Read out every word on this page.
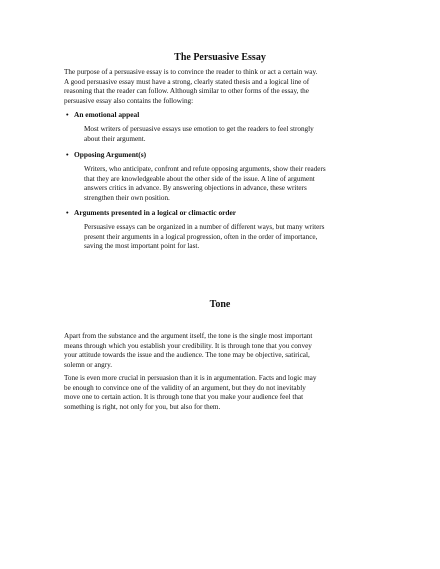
The Persuasive Essay

The purpose of a persuasive essay is to convince the reader to think or act a certain way.
A good persuasive essay must have a strong, clearly stated thesis and a logical line of
reasoning that the reader can follow. Although similar to other forms of the essay, the
persuasive essay also contains the following:

• An emotional appeal

Most writers of persuasive essays use emotion to get the readers to feel strongly
about their argument.

• Opposing Argument(s)

Writers, who anticipate, confront and refute opposing arguments, show their readers
that they are knowledgeable about the other side of the issue. A line of argument
answers critics in advance. By answering objections in advance, these writers
strengthen their own position.

• Arguments presented in a logical or climactic order

Persuasive essays can be organized in a number of different ways, but many writers
present their arguments in a logical progression, often in the order of importance,
saving the most important point for last.

Tone

Apart from the substance and the argument itself, the tone is the single most important
means through which you establish your credibility. It is through tone that you convey
your attitude towards the issue and the audience. The tone may be objective, satirical,
solemn or angry.

Tone is even more crucial in persuasion than it is in argumentation. Facts and logic may
be enough to convince one of the validity of an argument, but they do not inevitably
move one to certain action. It is through tone that you make your audience feel that
something is right, not only for you, but also for them.
